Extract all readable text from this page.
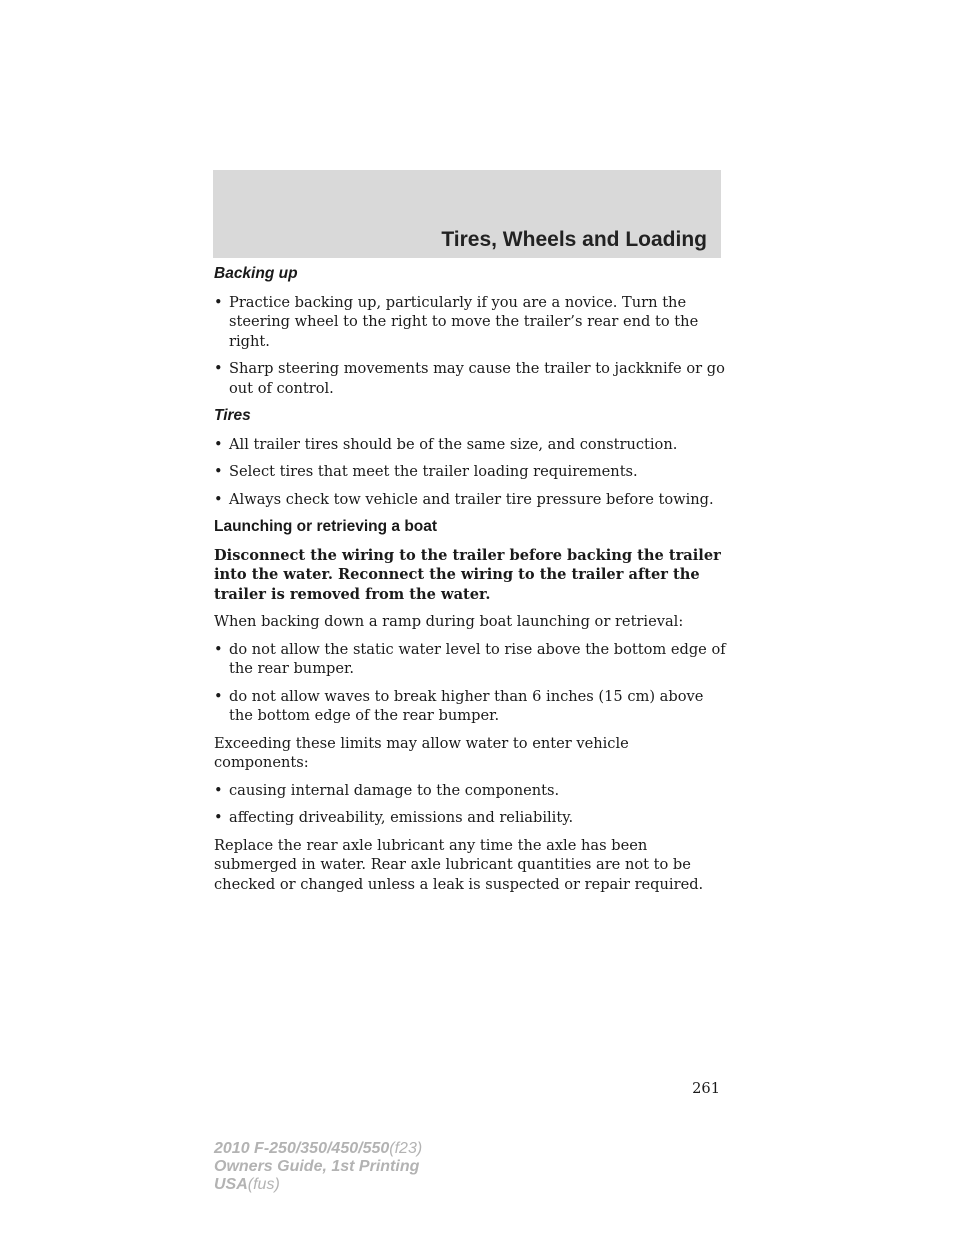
Tires, Wheels and Loading
Backing up
• Practice backing up, particularly if you are a novice. Turn the steering wheel to the right to move the trailer’s rear end to the right.
• Sharp steering movements may cause the trailer to jackknife or go out of control.
Tires
• All trailer tires should be of the same size, and construction.
• Select tires that meet the trailer loading requirements.
• Always check tow vehicle and trailer tire pressure before towing.
Launching or retrieving a boat

Disconnect the wiring to the trailer before backing the trailer into the water. Reconnect the wiring to the trailer after the trailer is removed from the water.

When backing down a ramp during boat launching or retrieval:

• do not allow the static water level to rise above the bottom edge of the rear bumper.
• do not allow waves to break higher than 6 inches (15 cm) above the bottom edge of the rear bumper.

Exceeding these limits may allow water to enter vehicle components:

• causing internal damage to the components.
• affecting driveability, emissions and reliability.

Replace the rear axle lubricant any time the axle has been submerged in water. Rear axle lubricant quantities are not to be checked or changed unless a leak is suspected or repair required.

261
2010 F-250/350/450/550(f23)
Owners Guide, 1st Printing
USA(fus)
